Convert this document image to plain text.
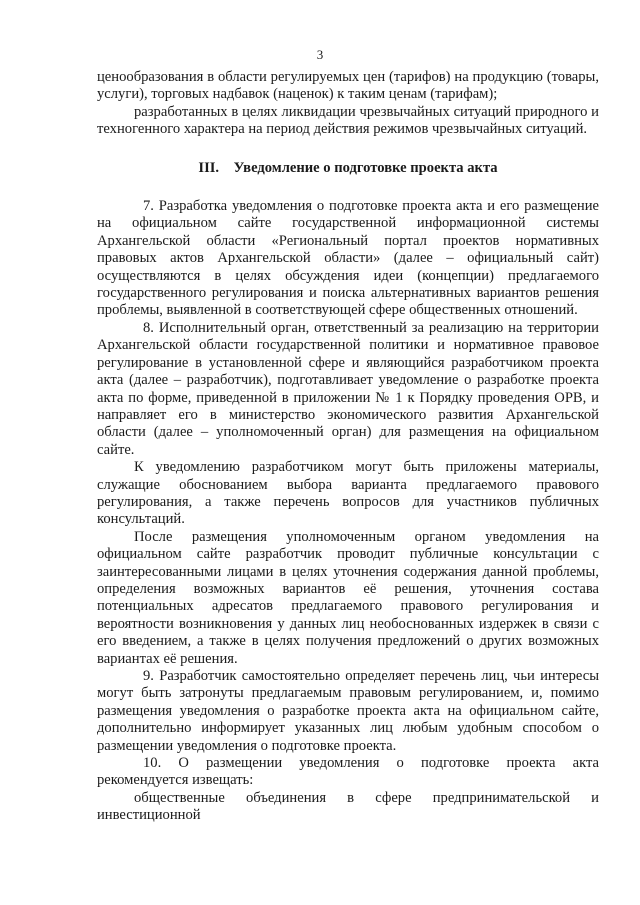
3

ценообразования в области регулируемых цен (тарифов) на продукцию (товары, услуги), торговых надбавок (наценок) к таким ценам (тарифам);

разработанных в целях ликвидации чрезвычайных ситуаций природного и техногенного характера на период действия режимов чрезвычайных ситуаций.

III. Уведомление о подготовке проекта акта

7. Разработка уведомления о подготовке проекта акта и его размещение на официальном сайте государственной информационной системы Архангельской области «Региональный портал проектов нормативных правовых актов Архангельской области» (далее – официальный сайт) осуществляются в целях обсуждения идеи (концепции) предлагаемого государственного регулирования и поиска альтернативных вариантов решения проблемы, выявленной в соответствующей сфере общественных отношений.

8. Исполнительный орган, ответственный за реализацию на территории Архангельской области государственной политики и нормативное правовое регулирование в установленной сфере и являющийся разработчиком проекта акта (далее – разработчик), подготавливает уведомление о разработке проекта акта по форме, приведенной в приложении № 1 к Порядку проведения ОРВ, и направляет его в министерство экономического развития Архангельской области (далее – уполномоченный орган) для размещения на официальном сайте.

К уведомлению разработчиком могут быть приложены материалы, служащие обоснованием выбора варианта предлагаемого правового регулирования, а также перечень вопросов для участников публичных консультаций.

После размещения уполномоченным органом уведомления на официальном сайте разработчик проводит публичные консультации с заинтересованными лицами в целях уточнения содержания данной проблемы, определения возможных вариантов её решения, уточнения состава потенциальных адресатов предлагаемого правового регулирования и вероятности возникновения у данных лиц необоснованных издержек в связи с его введением, а также в целях получения предложений о других возможных вариантах её решения.

9. Разработчик самостоятельно определяет перечень лиц, чьи интересы могут быть затронуты предлагаемым правовым регулированием, и, помимо размещения уведомления о разработке проекта акта на официальном сайте, дополнительно информирует указанных лиц любым удобным способом о размещении уведомления о подготовке проекта.

10. О размещении уведомления о подготовке проекта акта рекомендуется извещать:

общественные объединения в сфере предпринимательской и инвестиционной
